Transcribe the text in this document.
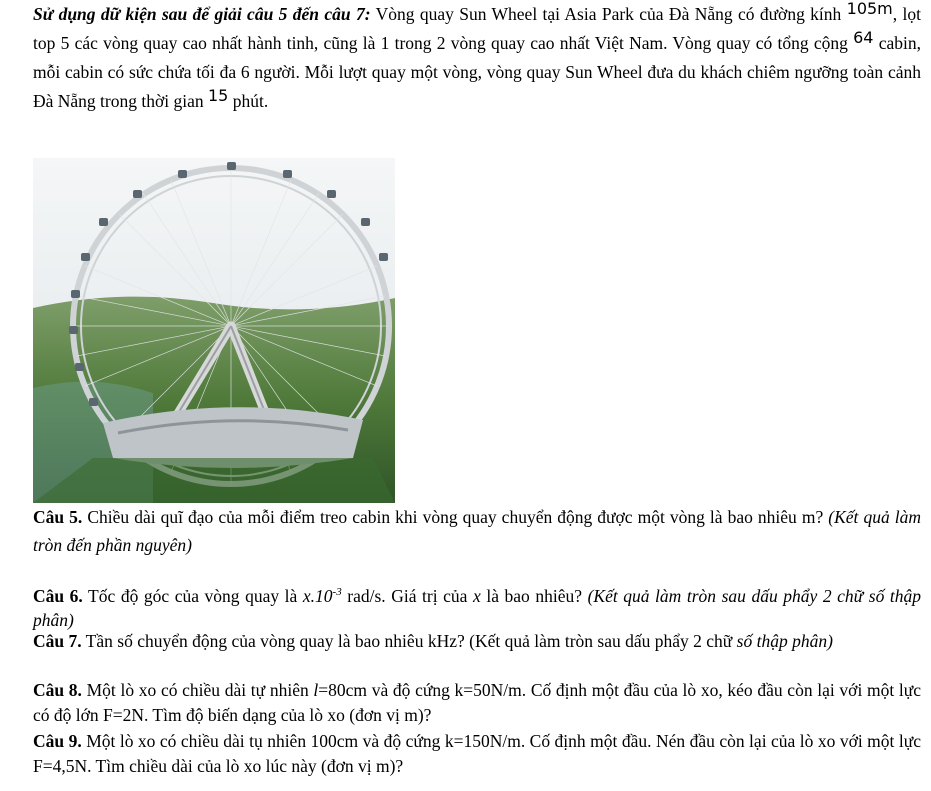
Sử dụng dữ kiện sau để giải câu 5 đến câu 7: Vòng quay Sun Wheel tại Asia Park của Đà Nẵng có đường kính 105m, lọt top 5 các vòng quay cao nhất hành tinh, cũng là 1 trong 2 vòng quay cao nhất Việt Nam. Vòng quay có tổng cộng 64 cabin, mỗi cabin có sức chứa tối đa 6 người. Mỗi lượt quay một vòng, vòng quay Sun Wheel đưa du khách chiêm ngưỡng toàn cảnh Đà Nẵng trong thời gian 15 phút.

Câu 5. Chiều dài quĩ đạo của mỗi điểm treo cabin khi vòng quay chuyển động được một vòng là bao nhiêu m? (Kết quả làm tròn đến phần nguyên)

Câu 6. Tốc độ góc của vòng quay là $x.10^{-3}$ rad/s. Giá trị của x là bao nhiêu? (Kết quả làm tròn sau dấu phẩy 2 chữ số thập phân)

Câu 7. Tần số chuyển động của vòng quay là bao nhiêu kHz? (Kết quả làm tròn sau dấu phẩy 2 chữ số thập phân)

Câu 8. Một lò xo có chiều dài tự nhiên l=80cm và độ cứng k=50N/m. Cố định một đầu của lò xo, kéo đầu còn lại với một lực có độ lớn F=2N. Tìm độ biến dạng của lò xo (đơn vị m)?

Câu 9. Một lò xo có chiều dài tụ nhiên 100cm và độ cứng k=150N/m. Cố định một đầu. Nén đầu còn lại của lò xo với một lực F=4,5N. Tìm chiều dài của lò xo lúc này (đơn vị m)?
